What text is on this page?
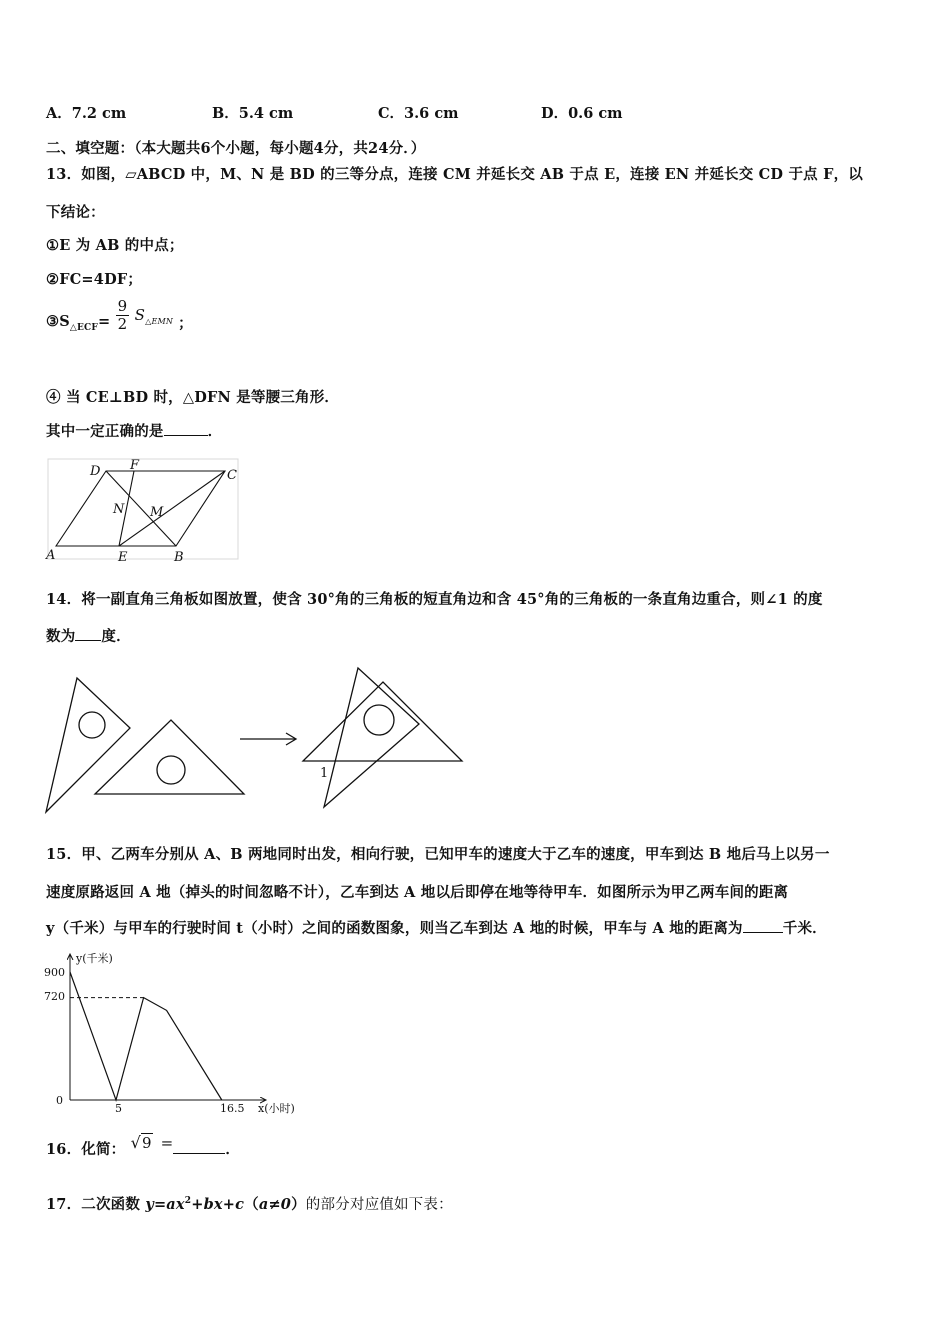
A．7.2 cm	B．5.4 cm	C．3.6 cm	D．0.6 cm
二、填空题：（本大题共6个小题，每小题4分，共24分．）
13．如图，▱ABCD 中，M、N 是 BD 的三等分点，连接 CM 并延长交 AB 于点 E，连接 EN 并延长交 CD 于点 F，以
下结论：
①E 为 AB 的中点；
②FC=4DF；
$③S_{\triangle ECF}= \frac{9}{2} S_{\triangle EMN}$ ；
④ 当 CE⊥BD 时，△DFN 是等腰三角形．
其中一定正确的是	．
D F
C
N M
A	E	B
14．将一副直角三角板如图放置，使含 30°角的三角板的短直角边和含 45°角的三角板的一条直角边重合，则∠1 的度
数为 度．
1
15．甲、乙两车分别从 A、B 两地同时出发，相向行驶，已知甲车的速度大于乙车的速度，甲车到达 B 地后马上以另一
速度原路返回 A 地（掉头的时间忽略不计），乙车到达 A 地以后即停在地等待甲车．如图所示为甲乙两车间的距离
y（千米）与甲车的行驶时间 t（小时）之间的函数图象，则当乙车到达 A 地的时候，甲车与 A 地的距离为	千米．
y(千米)
x(小时)
900
720
0
5	16.5
16．化简： √9 =	．
17．二次函数 $y=ax^2+bx+c(a\ne 0)$的部分对应值如下表：
